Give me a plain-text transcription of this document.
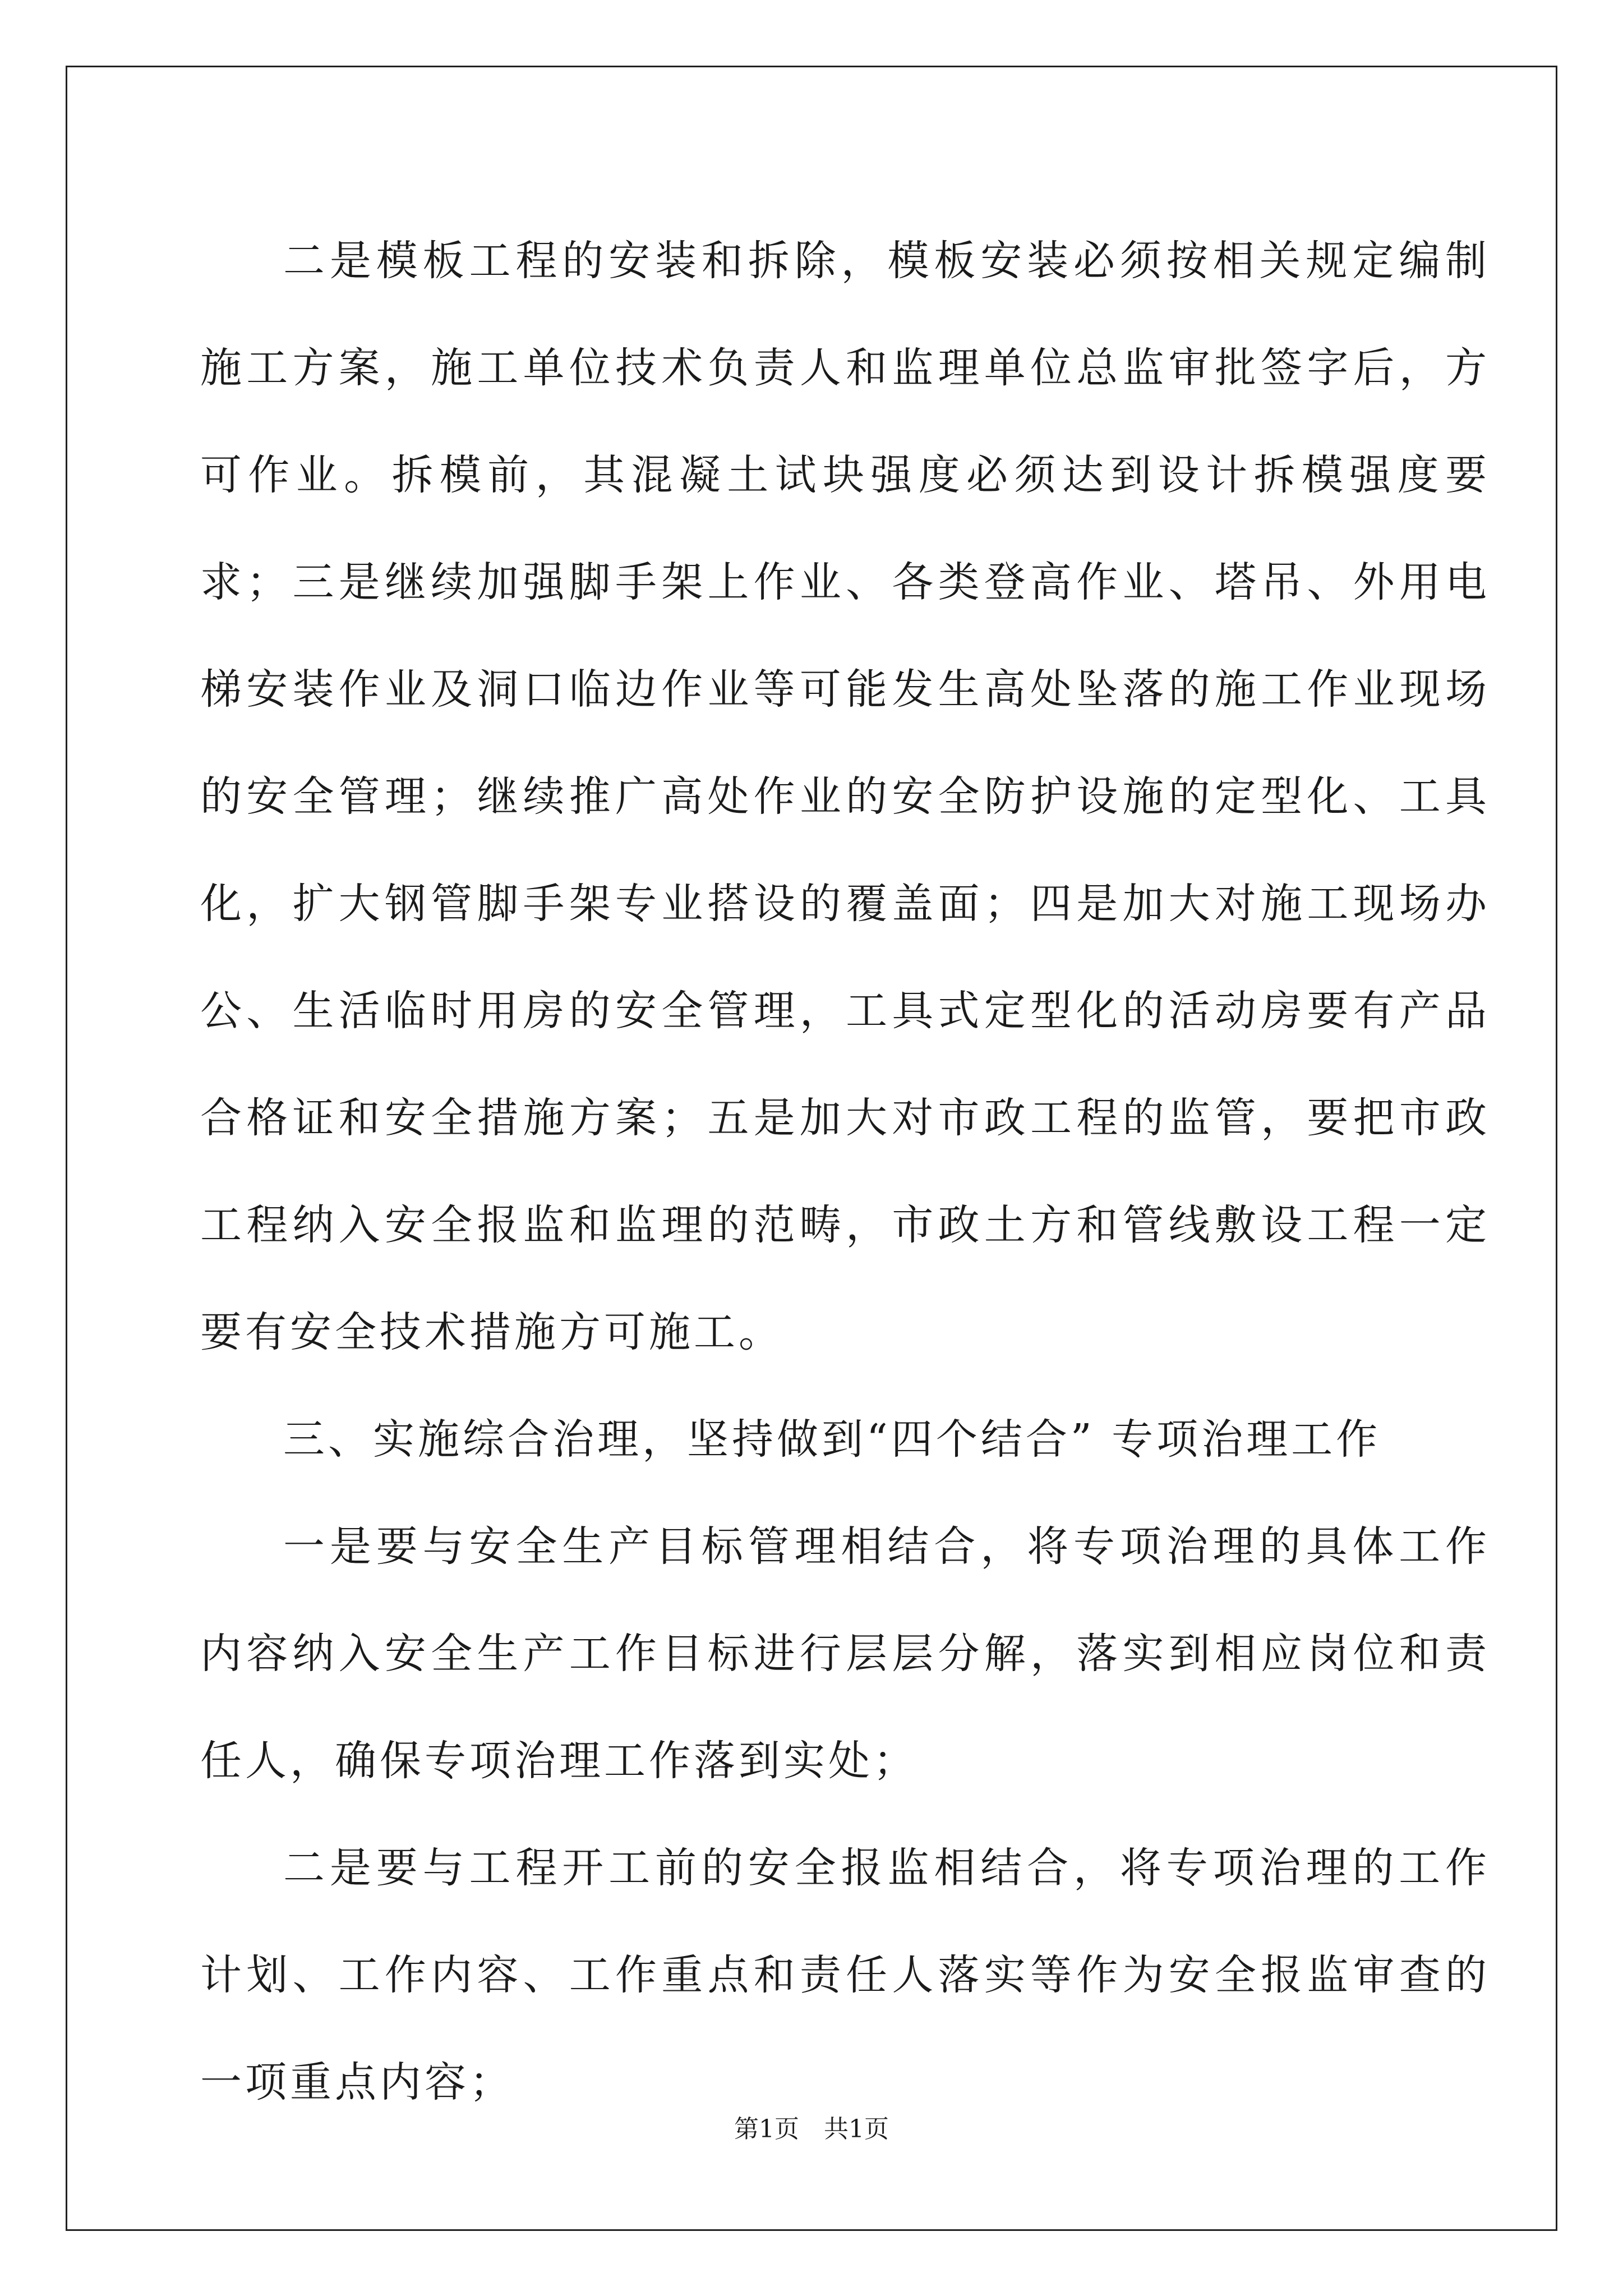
二是模板工程的安装和拆除，模板安装必须按相关规定编制施工方案，施工单位技术负责人和监理单位总监审批签字后，方可作业。拆模前，其混凝土试块强度必须达到设计拆模强度要求；三是继续加强脚手架上作业、各类登高作业、塔吊、外用电梯安装作业及洞口临边作业等可能发生高处坠落的施工作业现场的安全管理；继续推广高处作业的安全防护设施的定型化、工具化，扩大钢管脚手架专业搭设的覆盖面；四是加大对施工现场办公、生活临时用房的安全管理，工具式定型化的活动房要有产品合格证和安全措施方案；五是加大对市政工程的监管，要把市政工程纳入安全报监和监理的范畴，市政土方和管线敷设工程一定要有安全技术措施方可施工。

三、实施综合治理，坚持做到“四个结合” 专项治理工作

一是要与安全生产目标管理相结合，将专项治理的具体工作内容纳入安全生产工作目标进行层层分解，落实到相应岗位和责任人，确保专项治理工作落到实处；

二是要与工程开工前的安全报监相结合，将专项治理的工作计划、工作内容、工作重点和责任人落实等作为安全报监审查的一项重点内容；

第1页 共1页
